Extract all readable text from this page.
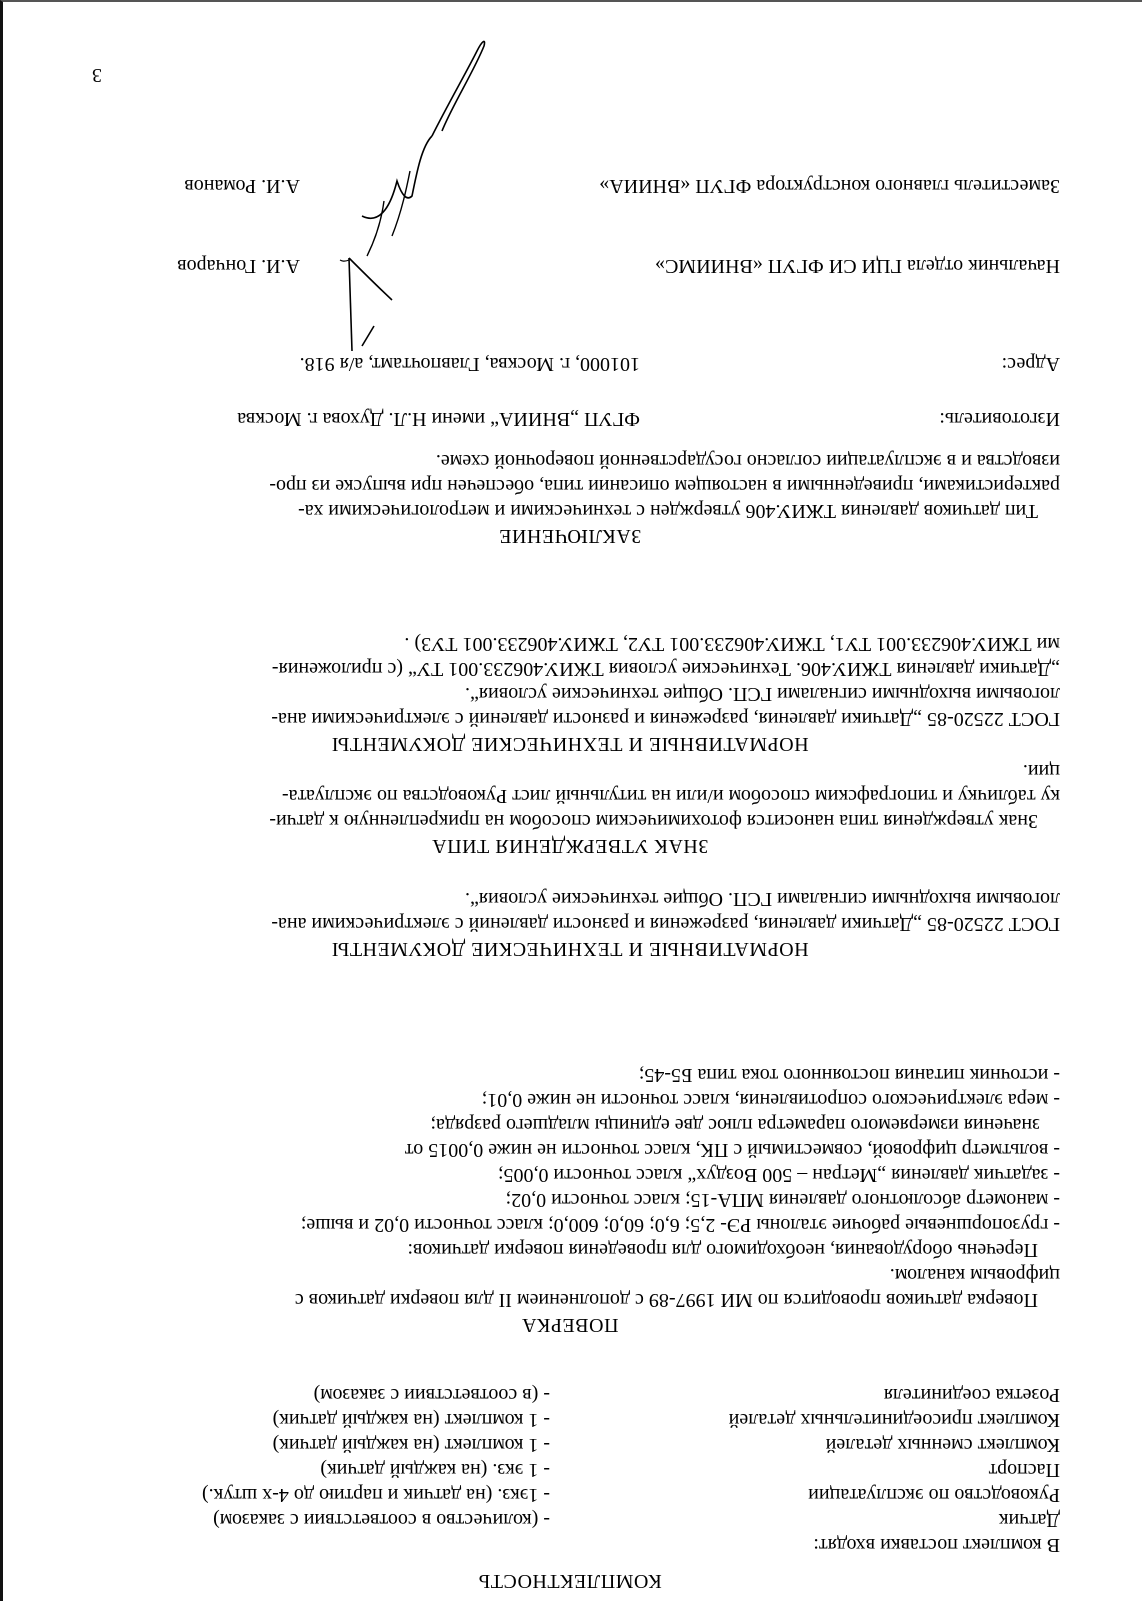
КОМПЛЕКТНОСТЬ
В комплект поставки входят:
Датчик
- (количество в соответствии с заказом)
Руководство по эксплуатации
- 1экз. (на датчик и партию до 4-х штук.)
Паспорт
- 1 экз. (на каждый датчик)
Комплект сменных деталей
- 1 комплект (на каждый датчик)
Комплект присоединительных деталей
- 1 комплект (на каждый датчик)
Розетка соединителя
- (в соответствии с заказом)
ПОВЕРКА
Поверка датчиков проводится по МИ 1997-89 с дополнением II для поверки датчиков с
цифровым каналом.
Перечень оборудования, необходимого для проведения поверки датчиков:
- грузопоршневые рабочие эталоны РЭ- 2,5; 6,0; 60,0; 600,0; класс точности 0,02 и выше;
- манометр абсолютного давления МПА-15; класс точности 0,02;
- задатчик давления „Метран – 500 Воздух“ класс точности 0,005;
- вольтметр цифровой, совместимый с ПК, класс точности не ниже 0,0015 от
значения измеряемого параметра плюс две единицы младшего разряда;
- мера электрического сопротивления, класс точности не ниже 0,01;
- источник питания постоянного тока типа Б5-45;
НОРМАТИВНЫЕ И ТЕХНИЧЕСКИЕ ДОКУМЕНТЫ
ГОСТ 22520-85 „Датчики давления, разрежения и разности давлений с электрическими ана-
логовыми выходными сигналами ГСП. Общие технические условия“.
ЗНАК УТВЕРЖДЕНИЯ ТИПА
Знак утверждения типа наносится фотохимическим способом на прикрепленную к датчи-
ку табличку и типографским способом и/или на титульный лист Руководства по эксплуата-
ции.
НОРМАТИВНЫЕ И ТЕХНИЧЕСКИЕ ДОКУМЕНТЫ
ГОСТ 22520-85 „Датчики давления, разрежения и разности давлений с электрическими ана-
логовыми выходными сигналами ГСП. Общие технические условия“.
„Датчики давления ТЖИУ.406. Технические условия ТЖИУ.406233.001 ТУ“ (с приложения-
ми ТЖИУ.406233.001 ТУ1, ТЖИУ.406233.001 ТУ2, ТЖИУ.406233.001 ТУ3) .
ЗАКЛЮЧЕНИЕ
Тип датчиков давления ТЖИУ.406 утвержден с техническими и метрологическими ха-
рактеристиками, приведенными в настоящем описании типа, обеспечен при выпуске из про-
изводства и в эксплуатации согласно государственной поверочной схеме.
Изготовитель:
ФГУП „ВНИИА“ имени Н.Л. Духова г. Москва
Адрес:
101000, г. Москва, Главпочтамт, а/я 918.
Начальник отдела ГЦИ СИ ФГУП «ВНИИМС»
А.И. Гончаров
Заместитель главного конструктора ФГУП «ВНИИА»
А.И. Романов
3
